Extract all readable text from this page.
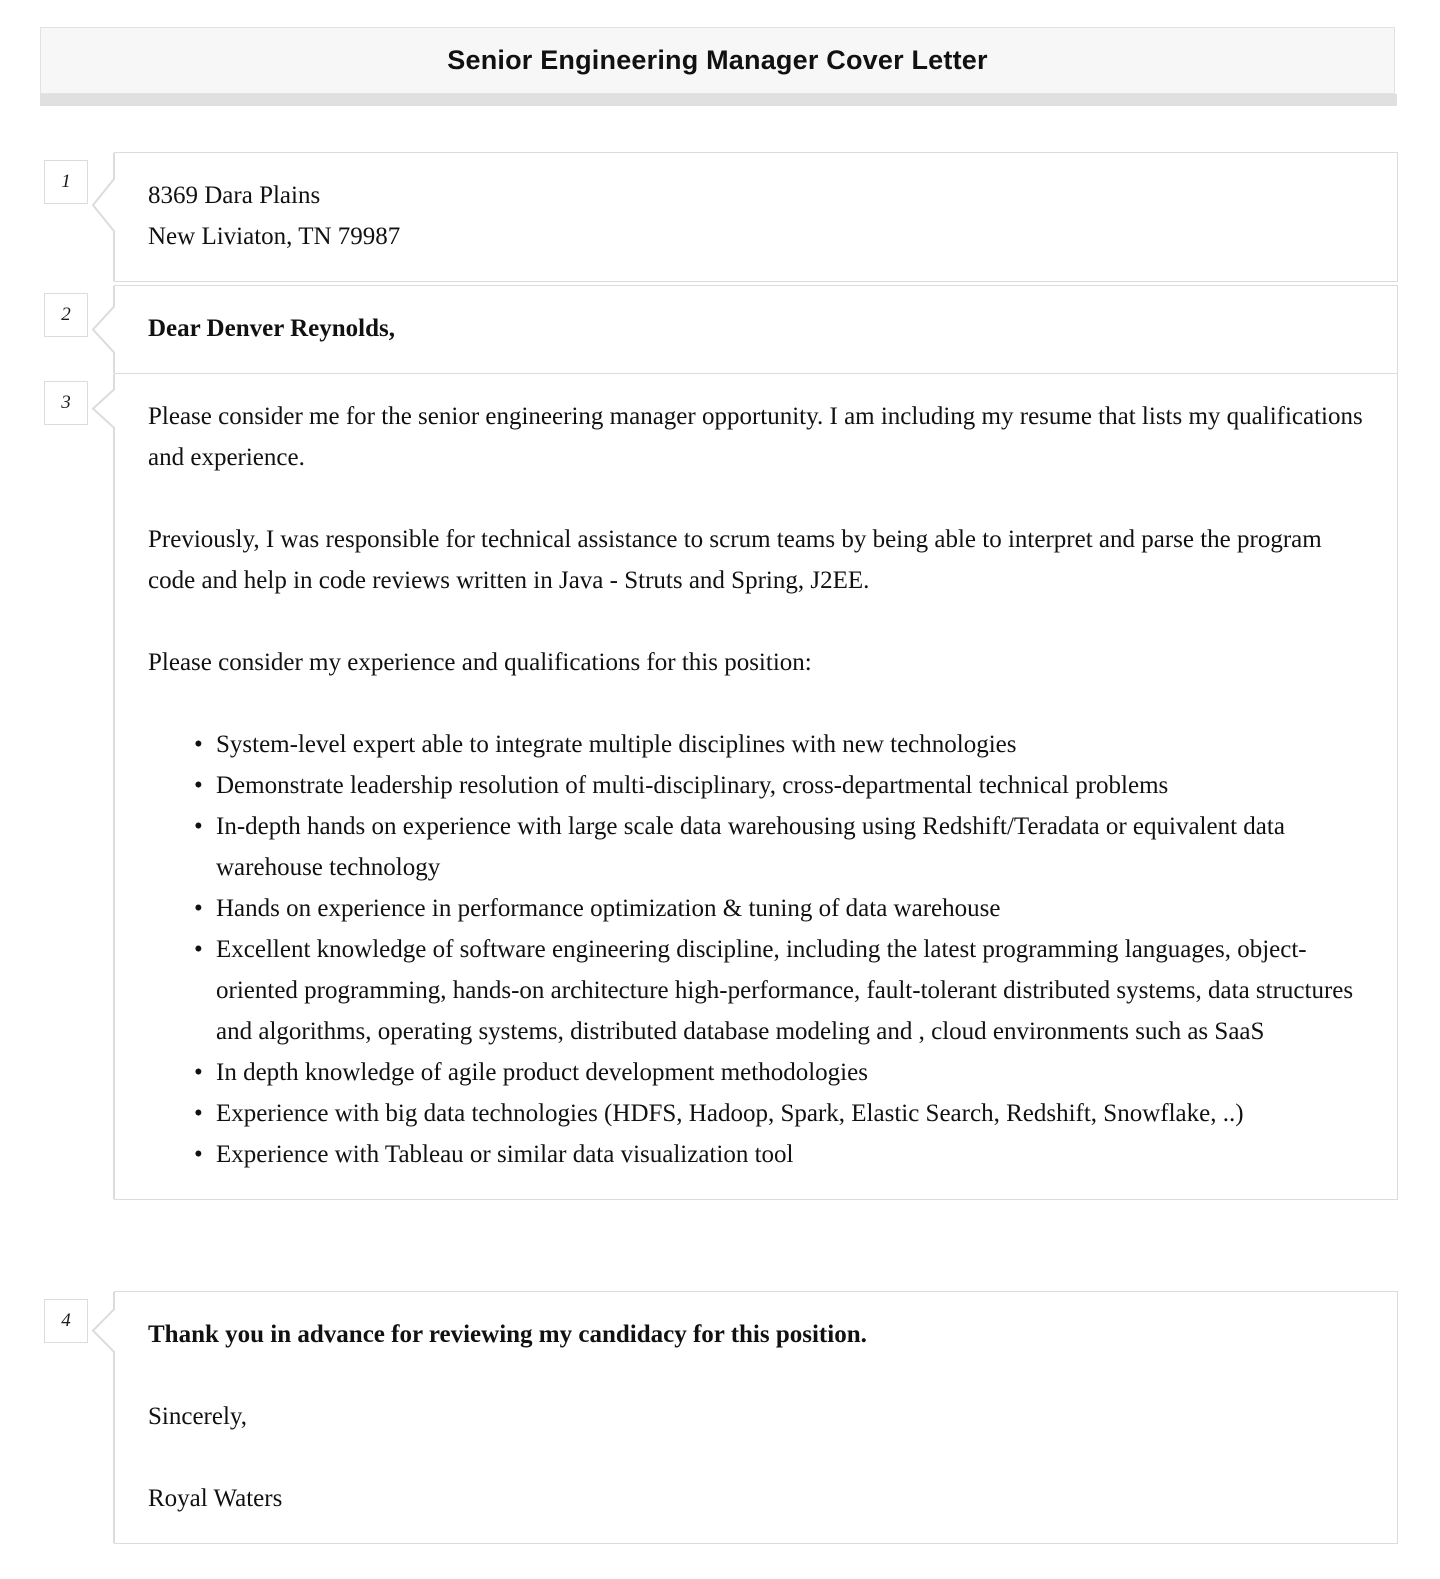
Senior Engineering Manager Cover Letter
1
8369 Dara Plains
New Liviaton, TN 79987
2
Dear Denver Reynolds,
3

Please consider me for the senior engineering manager opportunity. I am including my resume that lists my qualifications and experience.

Previously, I was responsible for technical assistance to scrum teams by being able to interpret and parse the program code and help in code reviews written in Java - Struts and Spring, J2EE.

Please consider my experience and qualifications for this position:

• System-level expert able to integrate multiple disciplines with new technologies
• Demonstrate leadership resolution of multi-disciplinary, cross-departmental technical problems
• In-depth hands on experience with large scale data warehousing using Redshift/Teradata or equivalent data warehouse technology
• Hands on experience in performance optimization & tuning of data warehouse
• Excellent knowledge of software engineering discipline, including the latest programming languages, object-oriented programming, hands-on architecture high-performance, fault-tolerant distributed systems, data structures and algorithms, operating systems, distributed database modeling and , cloud environments such as SaaS
• In depth knowledge of agile product development methodologies
• Experience with big data technologies (HDFS, Hadoop, Spark, Elastic Search, Redshift, Snowflake, ..)
• Experience with Tableau or similar data visualization tool
4
Thank you in advance for reviewing my candidacy for this position.
Sincerely,
Royal Waters
